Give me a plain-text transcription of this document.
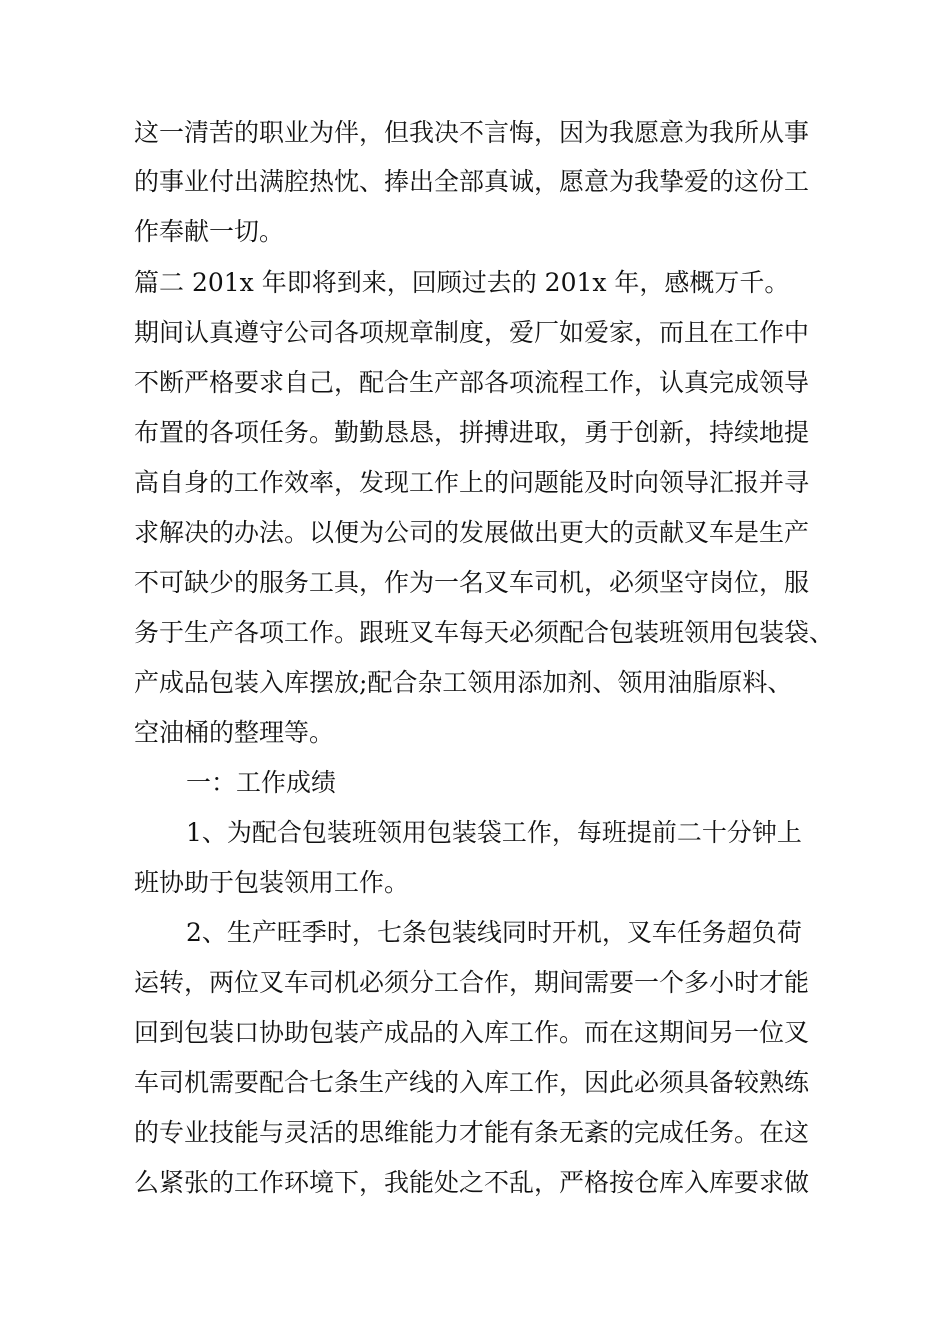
这一清苦的职业为伴，但我决不言悔，因为我愿意为我所从事

的事业付出满腔热忱、捧出全部真诚，愿意为我挚爱的这份工

作奉献一切。

篇二 201x 年即将到来，回顾过去的 201x 年，感概万千。

期间认真遵守公司各项规章制度，爱厂如爱家，而且在工作中

不断严格要求自己，配合生产部各项流程工作，认真完成领导

布置的各项任务。勤勤恳恳，拼搏进取，勇于创新，持续地提

高自身的工作效率，发现工作上的问题能及时向领导汇报并寻

求解决的办法。以便为公司的发展做出更大的贡献叉车是生产

不可缺少的服务工具，作为一名叉车司机，必须坚守岗位，服

务于生产各项工作。跟班叉车每天必须配合包装班领用包装袋、

产成品包装入库摆放;配合杂工领用添加剂、领用油脂原料、

空油桶的整理等。

一：工作成绩

1、为配合包装班领用包装袋工作，每班提前二十分钟上

班协助于包装领用工作。

2、生产旺季时，七条包装线同时开机，叉车任务超负荷

运转，两位叉车司机必须分工合作，期间需要一个多小时才能

回到包装口协助包装产成品的入库工作。而在这期间另一位叉

车司机需要配合七条生产线的入库工作，因此必须具备较熟练

的专业技能与灵活的思维能力才能有条无紊的完成任务。在这

么紧张的工作环境下，我能处之不乱，严格按仓库入库要求做
